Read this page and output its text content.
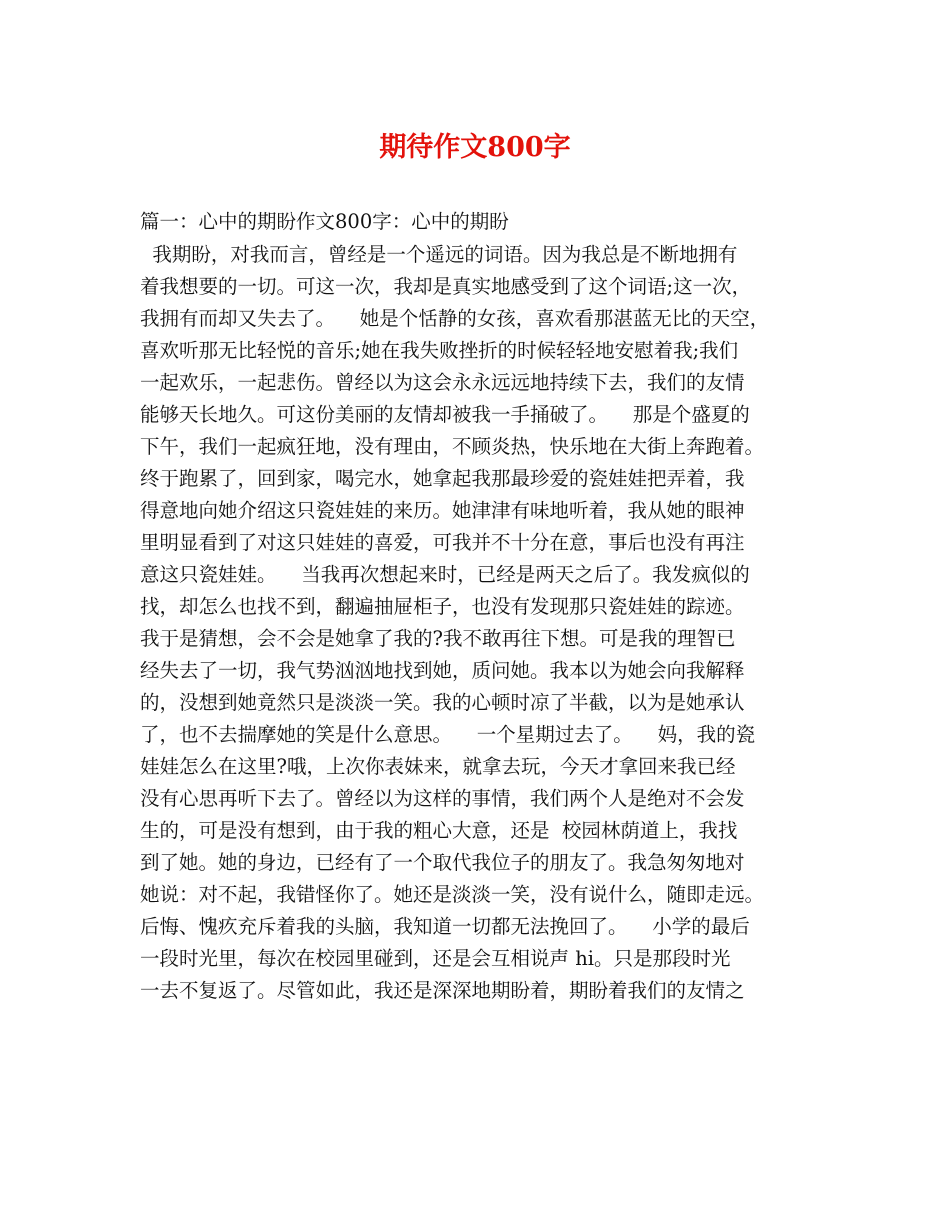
期待作文800字
篇一：心中的期盼作文800字：心中的期盼
我期盼，对我而言，曾经是一个遥远的词语。因为我总是不断地拥有
着我想要的一切。可这一次，我却是真实地感受到了这个词语;这一次，
我拥有而却又失去了。    她是个恬静的女孩，喜欢看那湛蓝无比的天空，
喜欢听那无比轻悦的音乐;她在我失败挫折的时候轻轻地安慰着我;我们
一起欢乐，一起悲伤。曾经以为这会永永远远地持续下去，我们的友情
能够天长地久。可这份美丽的友情却被我一手捅破了。    那是个盛夏的
下午，我们一起疯狂地，没有理由，不顾炎热，快乐地在大街上奔跑着。
终于跑累了，回到家，喝完水，她拿起我那最珍爱的瓷娃娃把弄着，我
得意地向她介绍这只瓷娃娃的来历。她津津有味地听着，我从她的眼神
里明显看到了对这只娃娃的喜爱，可我并不十分在意，事后也没有再注
意这只瓷娃娃。    当我再次想起来时，已经是两天之后了。我发疯似的
找，却怎么也找不到，翻遍抽屉柜子，也没有发现那只瓷娃娃的踪迹。
我于是猜想，会不会是她拿了我的?我不敢再往下想。可是我的理智已
经失去了一切，我气势汹汹地找到她，质问她。我本以为她会向我解释
的，没想到她竟然只是淡淡一笑。我的心顿时凉了半截，以为是她承认
了，也不去揣摩她的笑是什么意思。    一个星期过去了。    妈，我的瓷
娃娃怎么在这里?哦，上次你表妹来，就拿去玩，今天才拿回来我已经
没有心思再听下去了。曾经以为这样的事情，我们两个人是绝对不会发
生的，可是没有想到，由于我的粗心大意，还是  校园林荫道上，我找
到了她。她的身边，已经有了一个取代我位子的朋友了。我急匆匆地对
她说：对不起，我错怪你了。她还是淡淡一笑，没有说什么，随即走远。
后悔、愧疚充斥着我的头脑，我知道一切都无法挽回了。    小学的最后
一段时光里，每次在校园里碰到，还是会互相说声 hi。只是那段时光
一去不复返了。尽管如此，我还是深深地期盼着，期盼着我们的友情之
